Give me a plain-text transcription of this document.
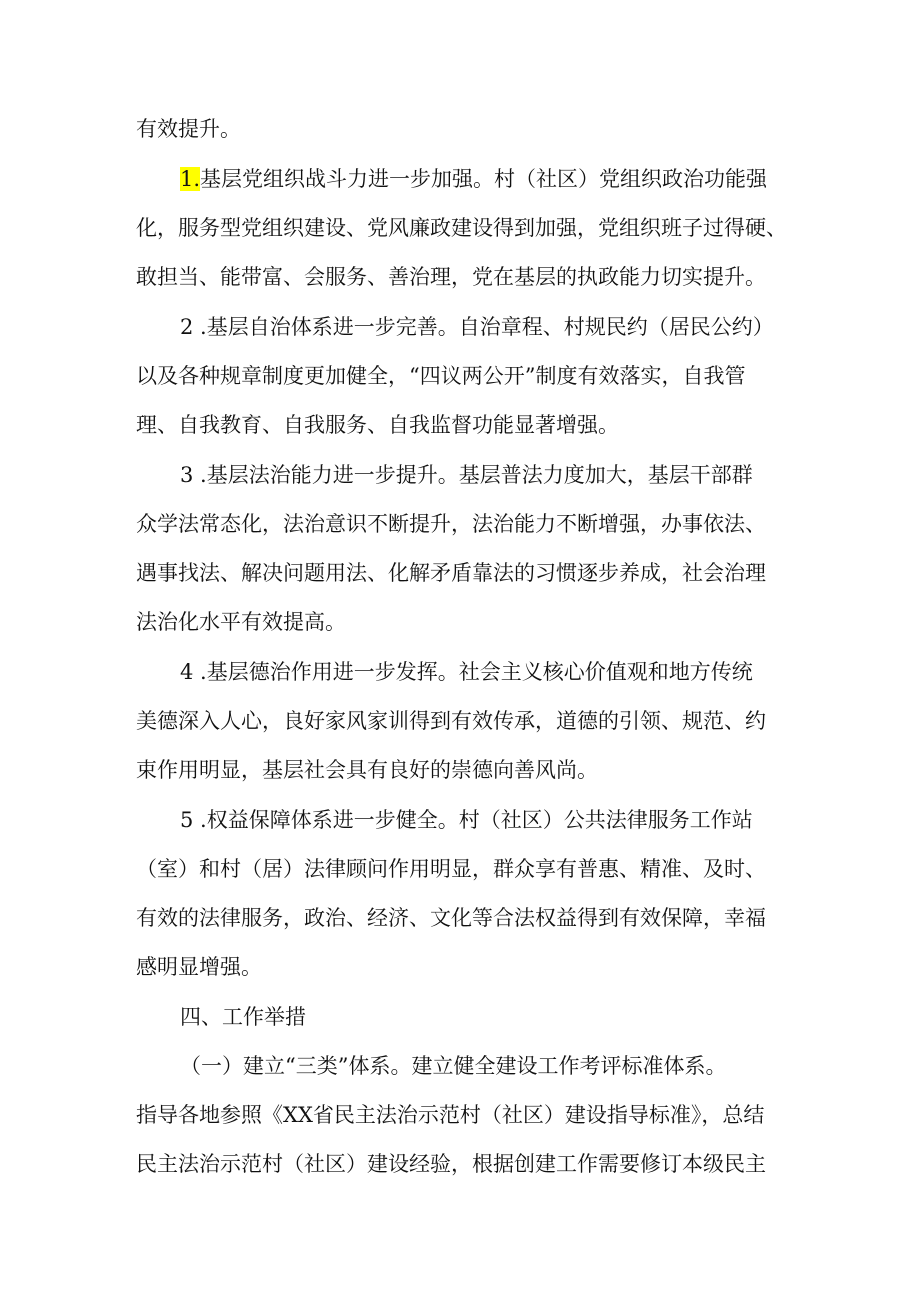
有效提升。
1.基层党组织战斗力进一步加强。村（社区）党组织政治功能强
化，服务型党组织建设、党风廉政建设得到加强，党组织班子过得硬、
敢担当、能带富、会服务、善治理，党在基层的执政能力切实提升。
2 .基层自治体系进一步完善。自治章程、村规民约（居民公约）
以及各种规章制度更加健全，“四议两公开”制度有效落实，自我管
理、自我教育、自我服务、自我监督功能显著增强。
3 .基层法治能力进一步提升。基层普法力度加大，基层干部群
众学法常态化，法治意识不断提升，法治能力不断增强，办事依法、
遇事找法、解决问题用法、化解矛盾靠法的习惯逐步养成，社会治理
法治化水平有效提高。
4 .基层德治作用进一步发挥。社会主义核心价值观和地方传统
美德深入人心，良好家风家训得到有效传承，道德的引领、规范、约
束作用明显，基层社会具有良好的崇德向善风尚。
5 .权益保障体系进一步健全。村（社区）公共法律服务工作站
（室）和村（居）法律顾问作用明显，群众享有普惠、精准、及时、
有效的法律服务，政治、经济、文化等合法权益得到有效保障，幸福
感明显增强。
四、工作举措
（一）建立“三类”体系。建立健全建设工作考评标准体系。
指导各地参照《XX省民主法治示范村（社区）建设指导标准》，总结
民主法治示范村（社区）建设经验，根据创建工作需要修订本级民主
